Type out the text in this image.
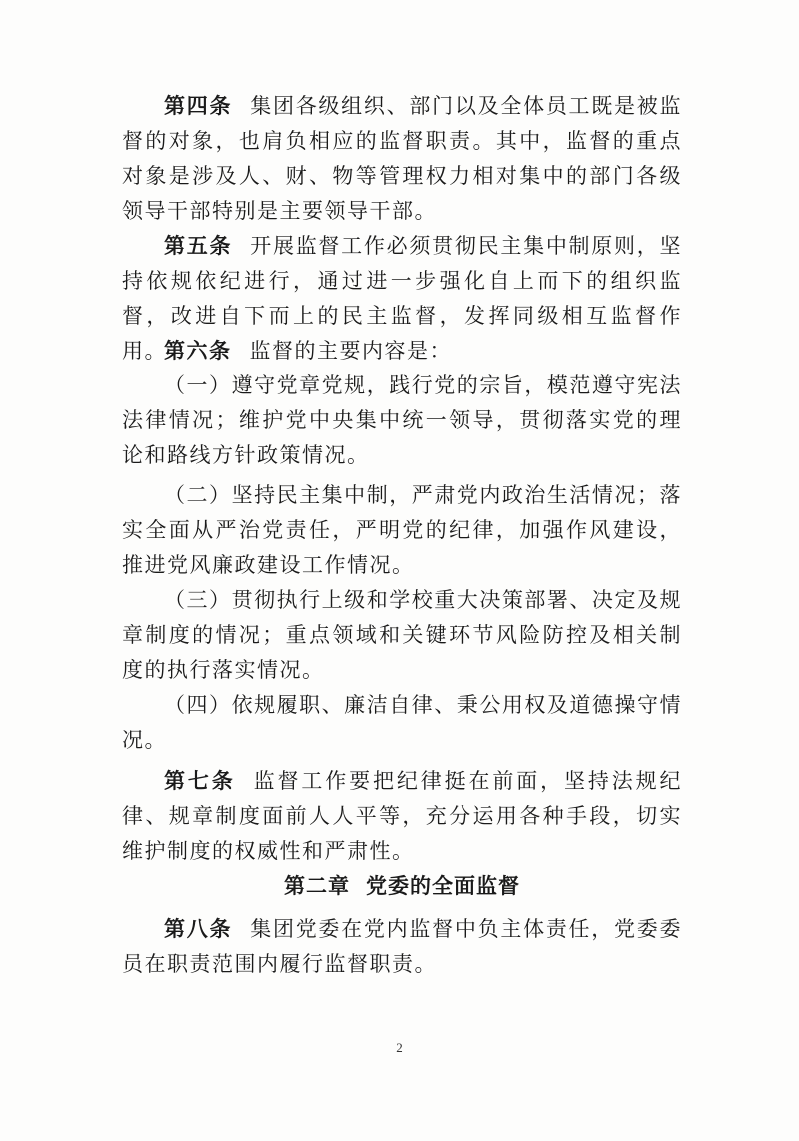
第四条 集团各级组织、部门以及全体员工既是被监督的对象，也肩负相应的监督职责。其中，监督的重点对象是涉及人、财、物等管理权力相对集中的部门各级领导干部特别是主要领导干部。

第五条 开展监督工作必须贯彻民主集中制原则，坚持依规依纪进行，通过进一步强化自上而下的组织监督，改进自下而上的民主监督，发挥同级相互监督作用。

第六条 监督的主要内容是：

（一）遵守党章党规，践行党的宗旨，模范遵守宪法法律情况；维护党中央集中统一领导，贯彻落实党的理论和路线方针政策情况。

（二）坚持民主集中制，严肃党内政治生活情况；落实全面从严治党责任，严明党的纪律，加强作风建设，推进党风廉政建设工作情况。

（三）贯彻执行上级和学校重大决策部署、决定及规章制度的情况；重点领域和关键环节风险防控及相关制度的执行落实情况。

（四）依规履职、廉洁自律、秉公用权及道德操守情况。

第七条 监督工作要把纪律挺在前面，坚持法规纪律、规章制度面前人人平等，充分运用各种手段，切实维护制度的权威性和严肃性。

第二章 党委的全面监督

第八条 集团党委在党内监督中负主体责任，党委委员在职责范围内履行监督职责。

2
